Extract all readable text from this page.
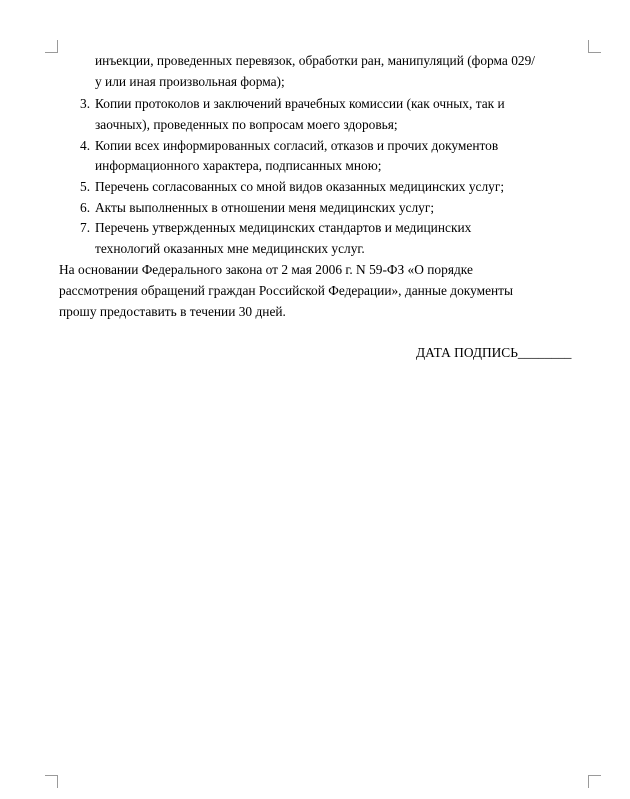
инъекции, проведенных перевязок, обработки ран, манипуляций (форма 029/
у или иная произвольная форма);
3. Копии протоколов и заключений врачебных комиссии (как очных, так и
заочных), проведенных по вопросам моего здоровья;
4. Копии всех информированных согласий, отказов и прочих документов
информационного характера, подписанных мною;
5. Перечень согласованных со мной видов оказанных медицинских услуг;
6. Акты выполненных в отношении меня медицинских услуг;
7. Перечень утвержденных медицинских стандартов и медицинских
технологий оказанных мне медицинских услуг.
На основании Федерального закона от 2 мая 2006 г. N 59-ФЗ «О порядке
рассмотрения обращений граждан Российской Федерации», данные документы
прошу предоставить в течении 30 дней.
ДАТА ПОДПИСЬ________
